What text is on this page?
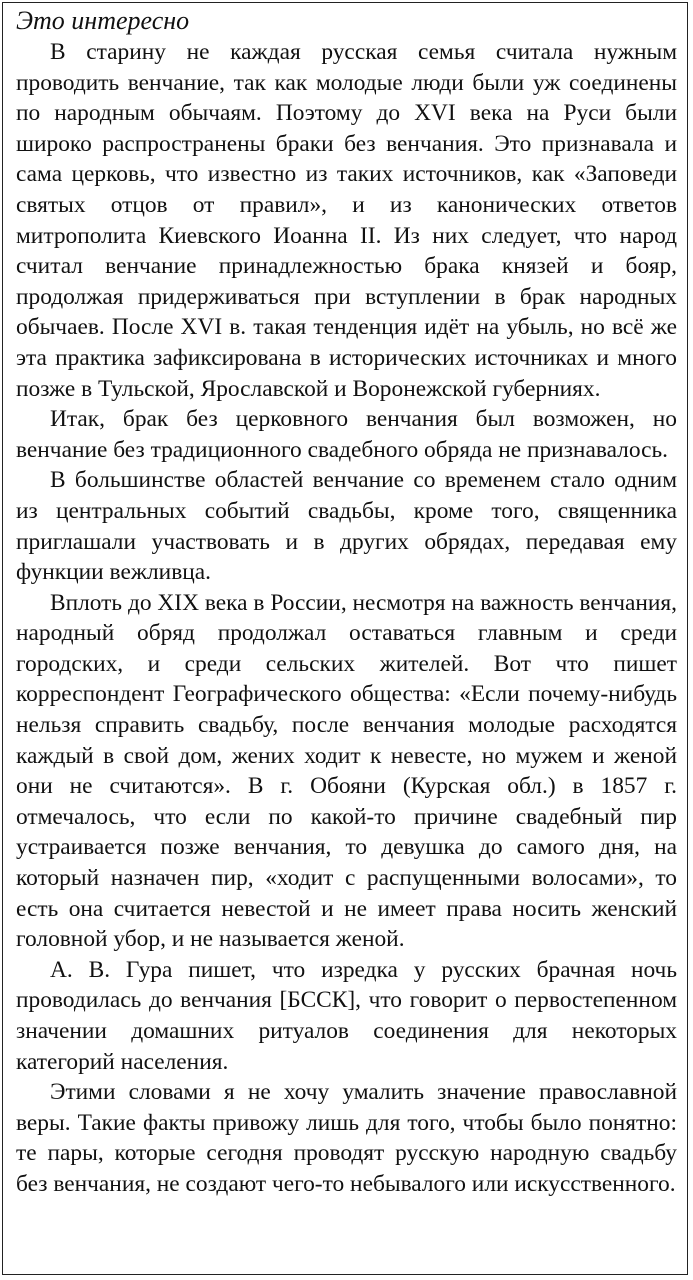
Это интересно

В старину не каждая русская семья считала нужным проводить венчание, так как молодые люди были уж соединены по народным обычаям. Поэтому до XVI века на Руси были широко распространены браки без венчания. Это признавала и сама церковь, что известно из таких источников, как «Заповеди святых отцов от правил», и из канонических ответов митрополита Киевского Иоанна II. Из них следует, что народ считал венчание принадлежностью брака князей и бояр, продолжая придерживаться при вступлении в брак народных обычаев. После XVI в. такая тенденция идёт на убыль, но всё же эта практика зафиксирована в исторических источниках и много позже в Тульской, Ярославской и Воронежской губерниях.

Итак, брак без церковного венчания был возможен, но венчание без традиционного свадебного обряда не признавалось.

В большинстве областей венчание со временем стало одним из центральных событий свадьбы, кроме того, священника приглашали участвовать и в других обрядах, передавая ему функции вежливца.

Вплоть до XIX века в России, несмотря на важность венчания, народный обряд продолжал оставаться главным и среди городских, и среди сельских жителей. Вот что пишет корреспондент Географического общества: «Если почему-нибудь нельзя справить свадьбу, после венчания молодые расходятся каждый в свой дом, жених ходит к невесте, но мужем и женой они не считаются». В г. Обояни (Курская обл.) в 1857 г. отмечалось, что если по какой-то причине свадебный пир устраивается позже венчания, то девушка до самого дня, на который назначен пир, «ходит с распущенными волосами», то есть она считается невестой и не имеет права носить женский головной убор, и не называется женой.

А. В. Гура пишет, что изредка у русских брачная ночь проводилась до венчания [БССК], что говорит о первостепенном значении домашних ритуалов соединения для некоторых категорий населения.

Этими словами я не хочу умалить значение православной веры. Такие факты привожу лишь для того, чтобы было понятно: те пары, которые сегодня проводят русскую народную свадьбу без венчания, не создают чего-то небывалого или искусственного.
